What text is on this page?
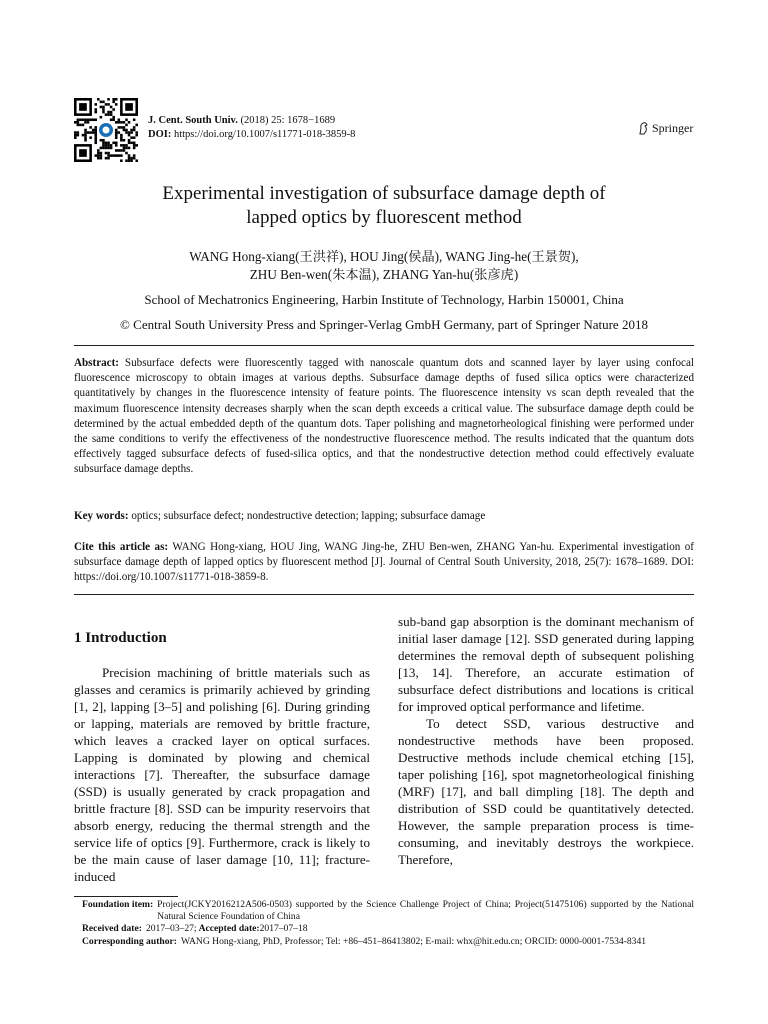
J. Cent. South Univ. (2018) 25: 1678−1689
DOI: https://doi.org/10.1007/s11771-018-3859-8	Springer
Experimental investigation of subsurface damage depth of
lapped optics by fluorescent method
WANG Hong-xiang(王洪祥), HOU Jing(侯晶), WANG Jing-he(王景贺),
ZHU Ben-wen(朱本温), ZHANG Yan-hu(张彦虎)
School of Mechatronics Engineering, Harbin Institute of Technology, Harbin 150001, China
© Central South University Press and Springer-Verlag GmbH Germany, part of Springer Nature 2018
Abstract: Subsurface defects were fluorescently tagged with nanoscale quantum dots and scanned layer by layer using confocal fluorescence microscopy to obtain images at various depths. Subsurface damage depths of fused silica optics were characterized quantitatively by changes in the fluorescence intensity of feature points. The fluorescence intensity vs scan depth revealed that the maximum fluorescence intensity decreases sharply when the scan depth exceeds a critical value. The subsurface damage depth could be determined by the actual embedded depth of the quantum dots. Taper polishing and magnetorheological finishing were performed under the same conditions to verify the effectiveness of the nondestructive fluorescence method. The results indicated that the quantum dots effectively tagged subsurface defects of fused-silica optics, and that the nondestructive detection method could effectively evaluate subsurface damage depths.
Key words: optics; subsurface defect; nondestructive detection; lapping; subsurface damage
Cite this article as: WANG Hong-xiang, HOU Jing, WANG Jing-he, ZHU Ben-wen, ZHANG Yan-hu. Experimental investigation of subsurface damage depth of lapped optics by fluorescent method [J]. Journal of Central South University, 2018, 25(7): 1678–1689. DOI: https://doi.org/10.1007/s11771-018-3859-8.
1 Introduction

Precision machining of brittle materials such as glasses and ceramics is primarily achieved by grinding [1, 2], lapping [3–5] and polishing [6]. During grinding or lapping, materials are removed by brittle fracture, which leaves a cracked layer on optical surfaces. Lapping is dominated by plowing and chemical interactions [7]. Thereafter, the subsurface damage (SSD) is usually generated by crack propagation and brittle fracture [8]. SSD can be impurity reservoirs that absorb energy, reducing the thermal strength and the service life of optics [9]. Furthermore, crack is likely to be the main cause of laser damage [10, 11]; fracture-induced

sub-band gap absorption is the dominant mechanism of initial laser damage [12]. SSD generated during lapping determines the removal depth of subsequent polishing [13, 14]. Therefore, an accurate estimation of subsurface defect distributions and locations is critical for improved optical performance and lifetime.

To detect SSD, various destructive and nondestructive methods have been proposed. Destructive methods include chemical etching [15], taper polishing [16], spot magnetorheological finishing (MRF) [17], and ball dimpling [18]. The depth and distribution of SSD could be quantitatively detected. However, the sample preparation process is time-consuming, and inevitably destroys the workpiece. Therefore,

Foundation item: Project(JCKY2016212A506-0503) supported by the Science Challenge Project of China; Project(51475106) supported by the National Natural Science Foundation of China
Received date: 2017–03–27; Accepted date: 2017–07–18
Corresponding author: WANG Hong-xiang, PhD, Professor; Tel: +86–451–86413802; E-mail: whx@hit.edu.cn; ORCID: 0000-0001-7534-8341
